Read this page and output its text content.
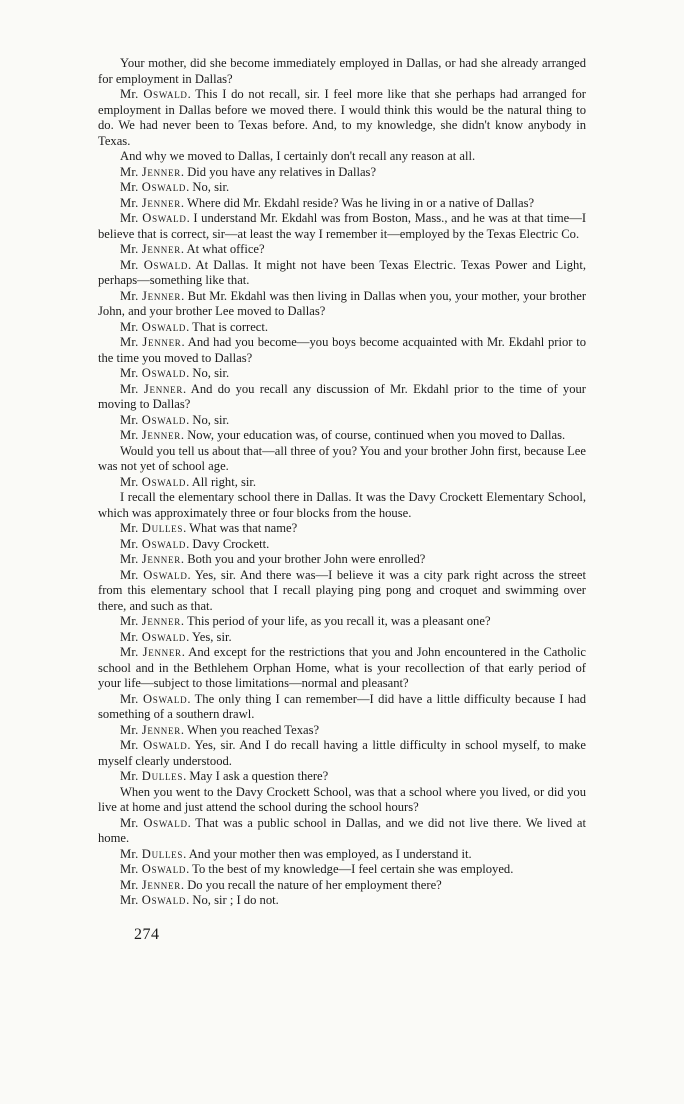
Your mother, did she become immediately employed in Dallas, or had she already arranged for employment in Dallas?

Mr. Oswald. This I do not recall, sir. I feel more like that she perhaps had arranged for employment in Dallas before we moved there. I would think this would be the natural thing to do. We had never been to Texas before. And, to my knowledge, she didn't know anybody in Texas.

And why we moved to Dallas, I certainly don't recall any reason at all.

Mr. Jenner. Did you have any relatives in Dallas?

Mr. Oswald. No, sir.

Mr. Jenner. Where did Mr. Ekdahl reside? Was he living in or a native of Dallas?

Mr. Oswald. I understand Mr. Ekdahl was from Boston, Mass., and he was at that time—I believe that is correct, sir—at least the way I remember it—employed by the Texas Electric Co.

Mr. Jenner. At what office?

Mr. Oswald. At Dallas. It might not have been Texas Electric. Texas Power and Light, perhaps—something like that.

Mr. Jenner. But Mr. Ekdahl was then living in Dallas when you, your mother, your brother John, and your brother Lee moved to Dallas?

Mr. Oswald. That is correct.

Mr. Jenner. And had you become—you boys become acquainted with Mr. Ekdahl prior to the time you moved to Dallas?

Mr. Oswald. No, sir.

Mr. Jenner. And do you recall any discussion of Mr. Ekdahl prior to the time of your moving to Dallas?

Mr. Oswald. No, sir.

Mr. Jenner. Now, your education was, of course, continued when you moved to Dallas.

Would you tell us about that—all three of you? You and your brother John first, because Lee was not yet of school age.

Mr. Oswald. All right, sir.

I recall the elementary school there in Dallas. It was the Davy Crockett Elementary School, which was approximately three or four blocks from the house.

Mr. Dulles. What was that name?

Mr. Oswald. Davy Crockett.

Mr. Jenner. Both you and your brother John were enrolled?

Mr. Oswald. Yes, sir. And there was—I believe it was a city park right across the street from this elementary school that I recall playing ping pong and croquet and swimming over there, and such as that.

Mr. Jenner. This period of your life, as you recall it, was a pleasant one?

Mr. Oswald. Yes, sir.

Mr. Jenner. And except for the restrictions that you and John encountered in the Catholic school and in the Bethlehem Orphan Home, what is your recollection of that early period of your life—subject to those limitations—normal and pleasant?

Mr. Oswald. The only thing I can remember—I did have a little difficulty because I had something of a southern drawl.

Mr. Jenner. When you reached Texas?

Mr. Oswald. Yes, sir. And I do recall having a little difficulty in school myself, to make myself clearly understood.

Mr. Dulles. May I ask a question there?

When you went to the Davy Crockett School, was that a school where you lived, or did you live at home and just attend the school during the school hours?

Mr. Oswald. That was a public school in Dallas, and we did not live there. We lived at home.

Mr. Dulles. And your mother then was employed, as I understand it.

Mr. Oswald. To the best of my knowledge—I feel certain she was employed.

Mr. Jenner. Do you recall the nature of her employment there?

Mr. Oswald. No, sir ; I do not.

274
